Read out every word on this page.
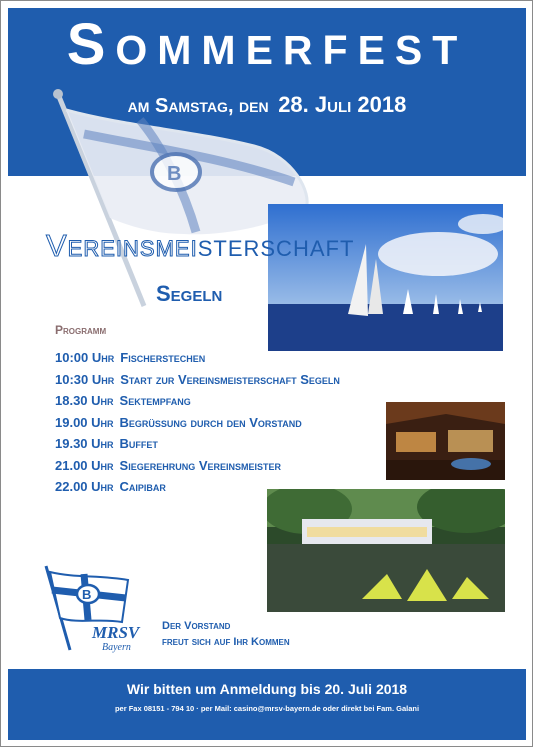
Sommerfest
am Samstag, den 28. Juli 2018
B
Vereinsmeisterschaft
Segeln
Programm
10:00 Uhr Fischerstechen
10:30 Uhr Start zur Vereinsmeisterschaft Segeln
18.30 Uhr Sektempfang
19.00 Uhr Begrüssung durch den Vorstand
19.30 Uhr Buffet
21.00 Uhr Siegerehrung Vereinsmeister
22.00 Uhr Caipibar
B
MRSV
Bayern
Der Vorstand
freut sich auf Ihr Kommen
Wir bitten um Anmeldung bis 20. Juli 2018
per Fax 08151 - 794 10 · per Mail: casino@mrsv-bayern.de oder direkt bei Fam. Galani
